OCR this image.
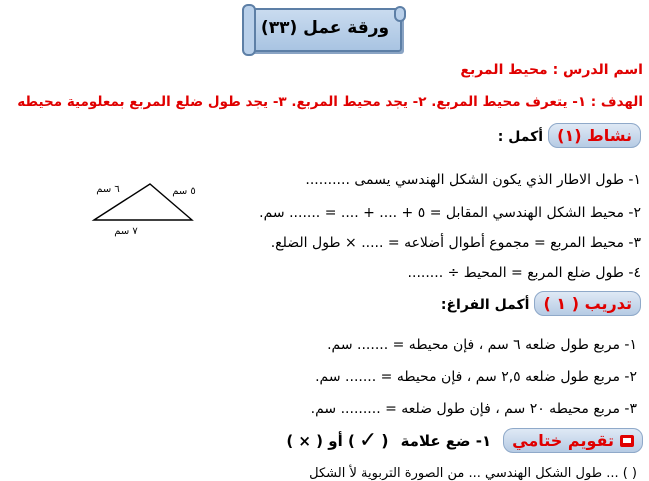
ورقة عمل (٣٣)
اسم الدرس : محيط المربع
الهدف : ١- يتعرف محيط المربع. ٢- يجد محيط المربع. ٣- يجد طول ضلع المربع بمعلومية محيطه
أكمل : نشاط (١)
١- طول الاطار الذي يكون الشكل الهندسي يسمى ..........
٢- محيط الشكل الهندسي المقابل = ٥ + .... + .... = ....... سم.
٣- محيط المربع = مجموع أطوال أضلاعه = ..... × طول الضلع.
٤- طول ضلع المربع = المحيط ÷ ........
٦ سم	٥ سم
٧ سم
أكمل الفراغ: تدريب ( ١ )
١- مربع طول ضلعه ٦ سم ، فإن محيطه = ....... سم.
٢- مربع طول ضلعه ٢,٥ سم ، فإن محيطه = ....... سم.
٣- مربع محيطه ٢٠ سم ، فإن طول ضلعه = ......... سم.
تقويم ختامي
١- ضع علامة
(
✓
) أو ( × )
( ) ... طول الشكل الهندسي ... من الصورة التربوية لأ الشكل
